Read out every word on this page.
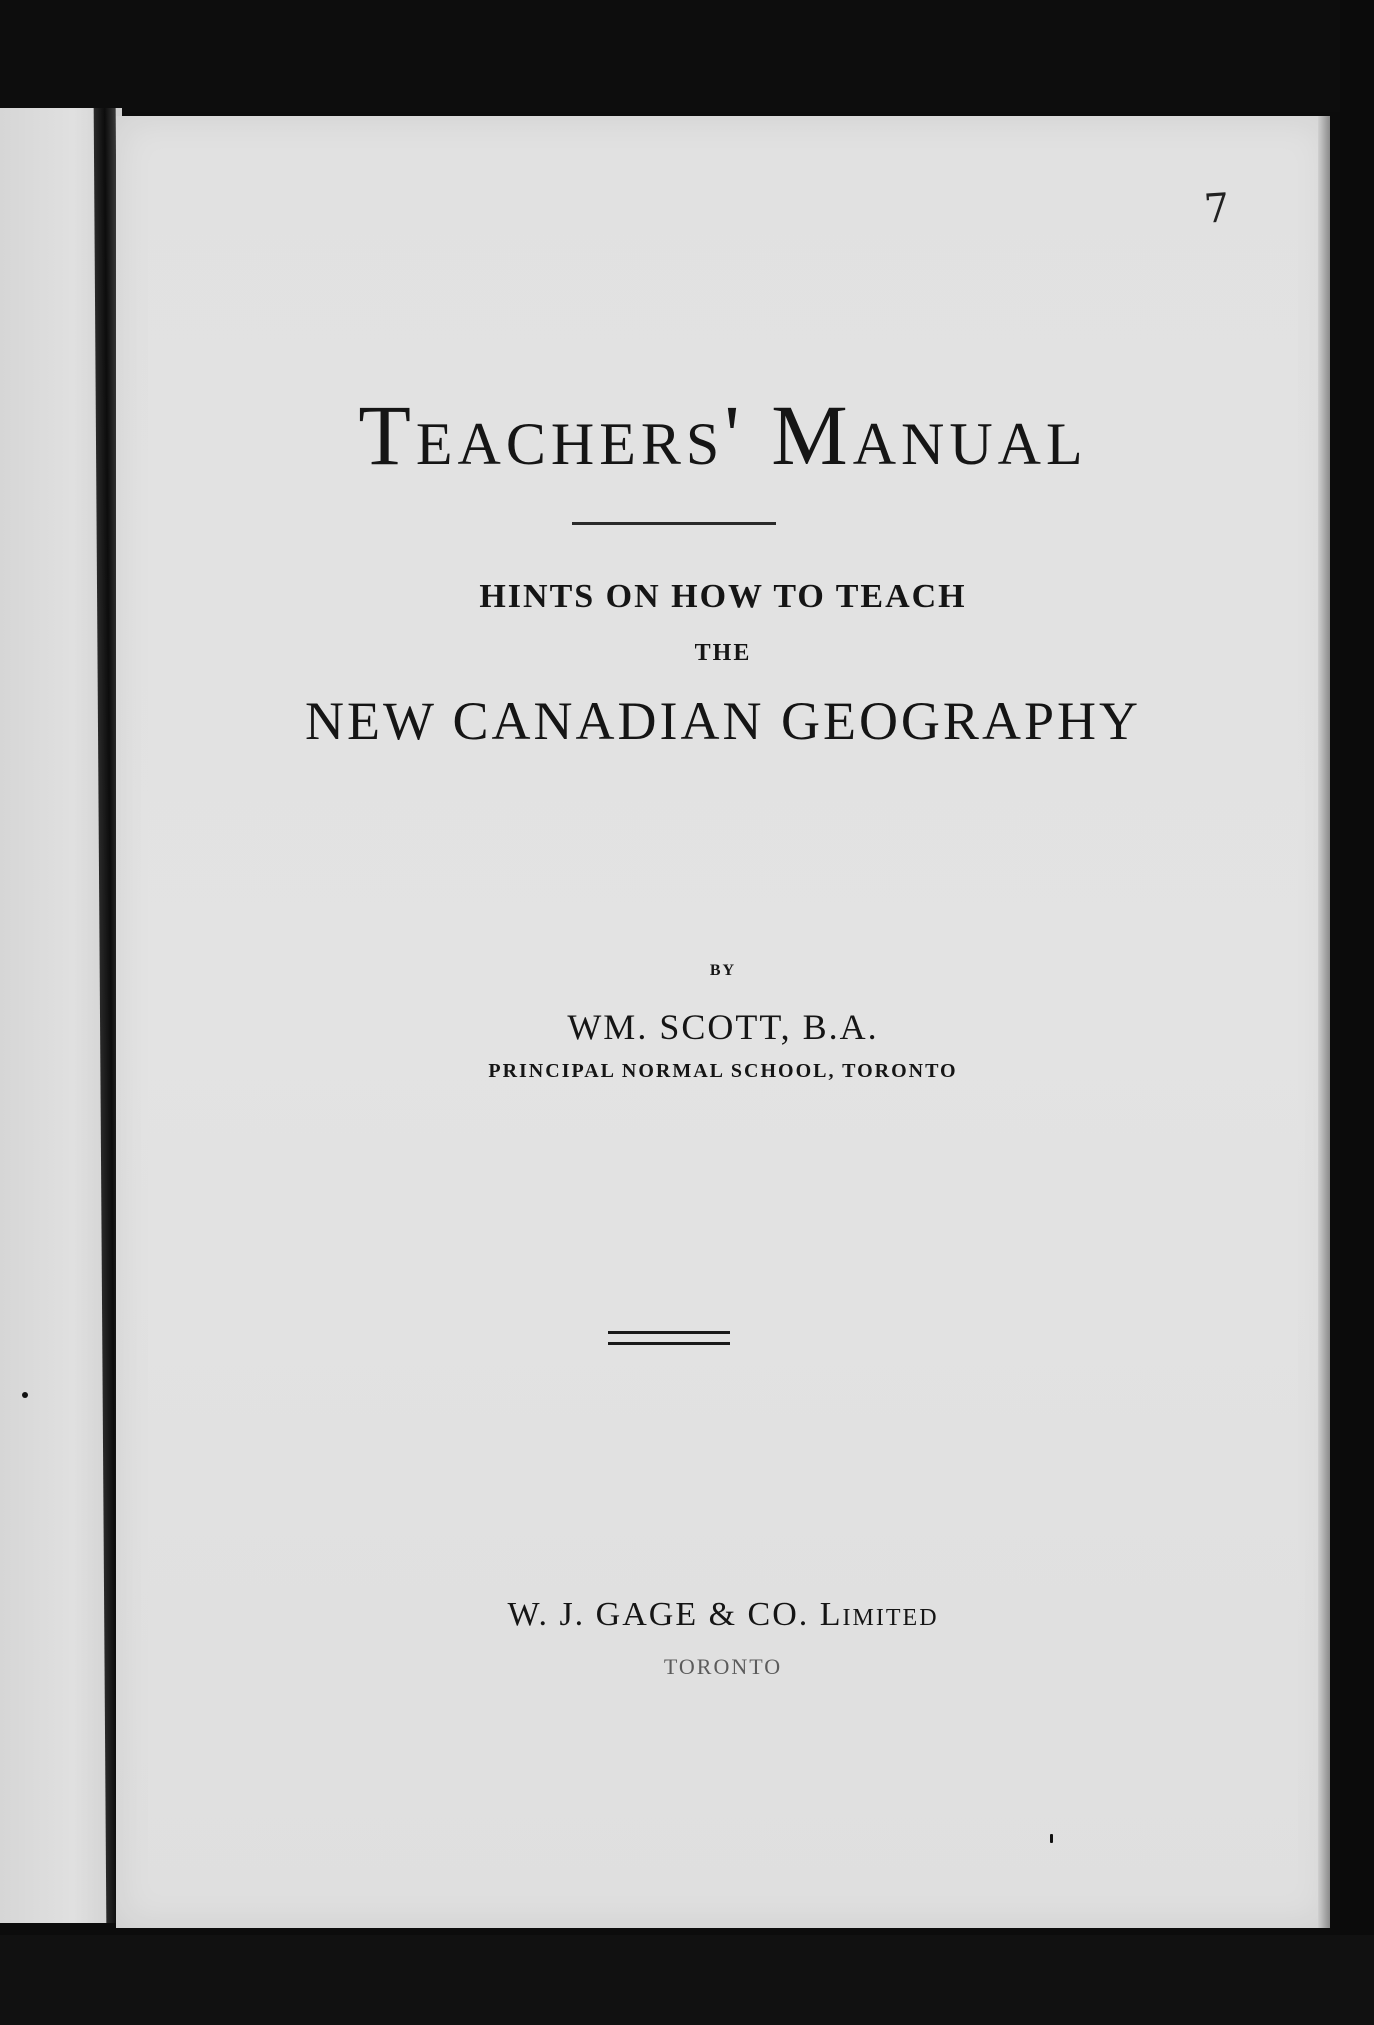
7
Teachers' Manual
HINTS ON HOW TO TEACH
THE
NEW CANADIAN GEOGRAPHY
BY
WM. SCOTT, B.A.
PRINCIPAL NORMAL SCHOOL, TORONTO
W. J. GAGE & CO. Limited
TORONTO
